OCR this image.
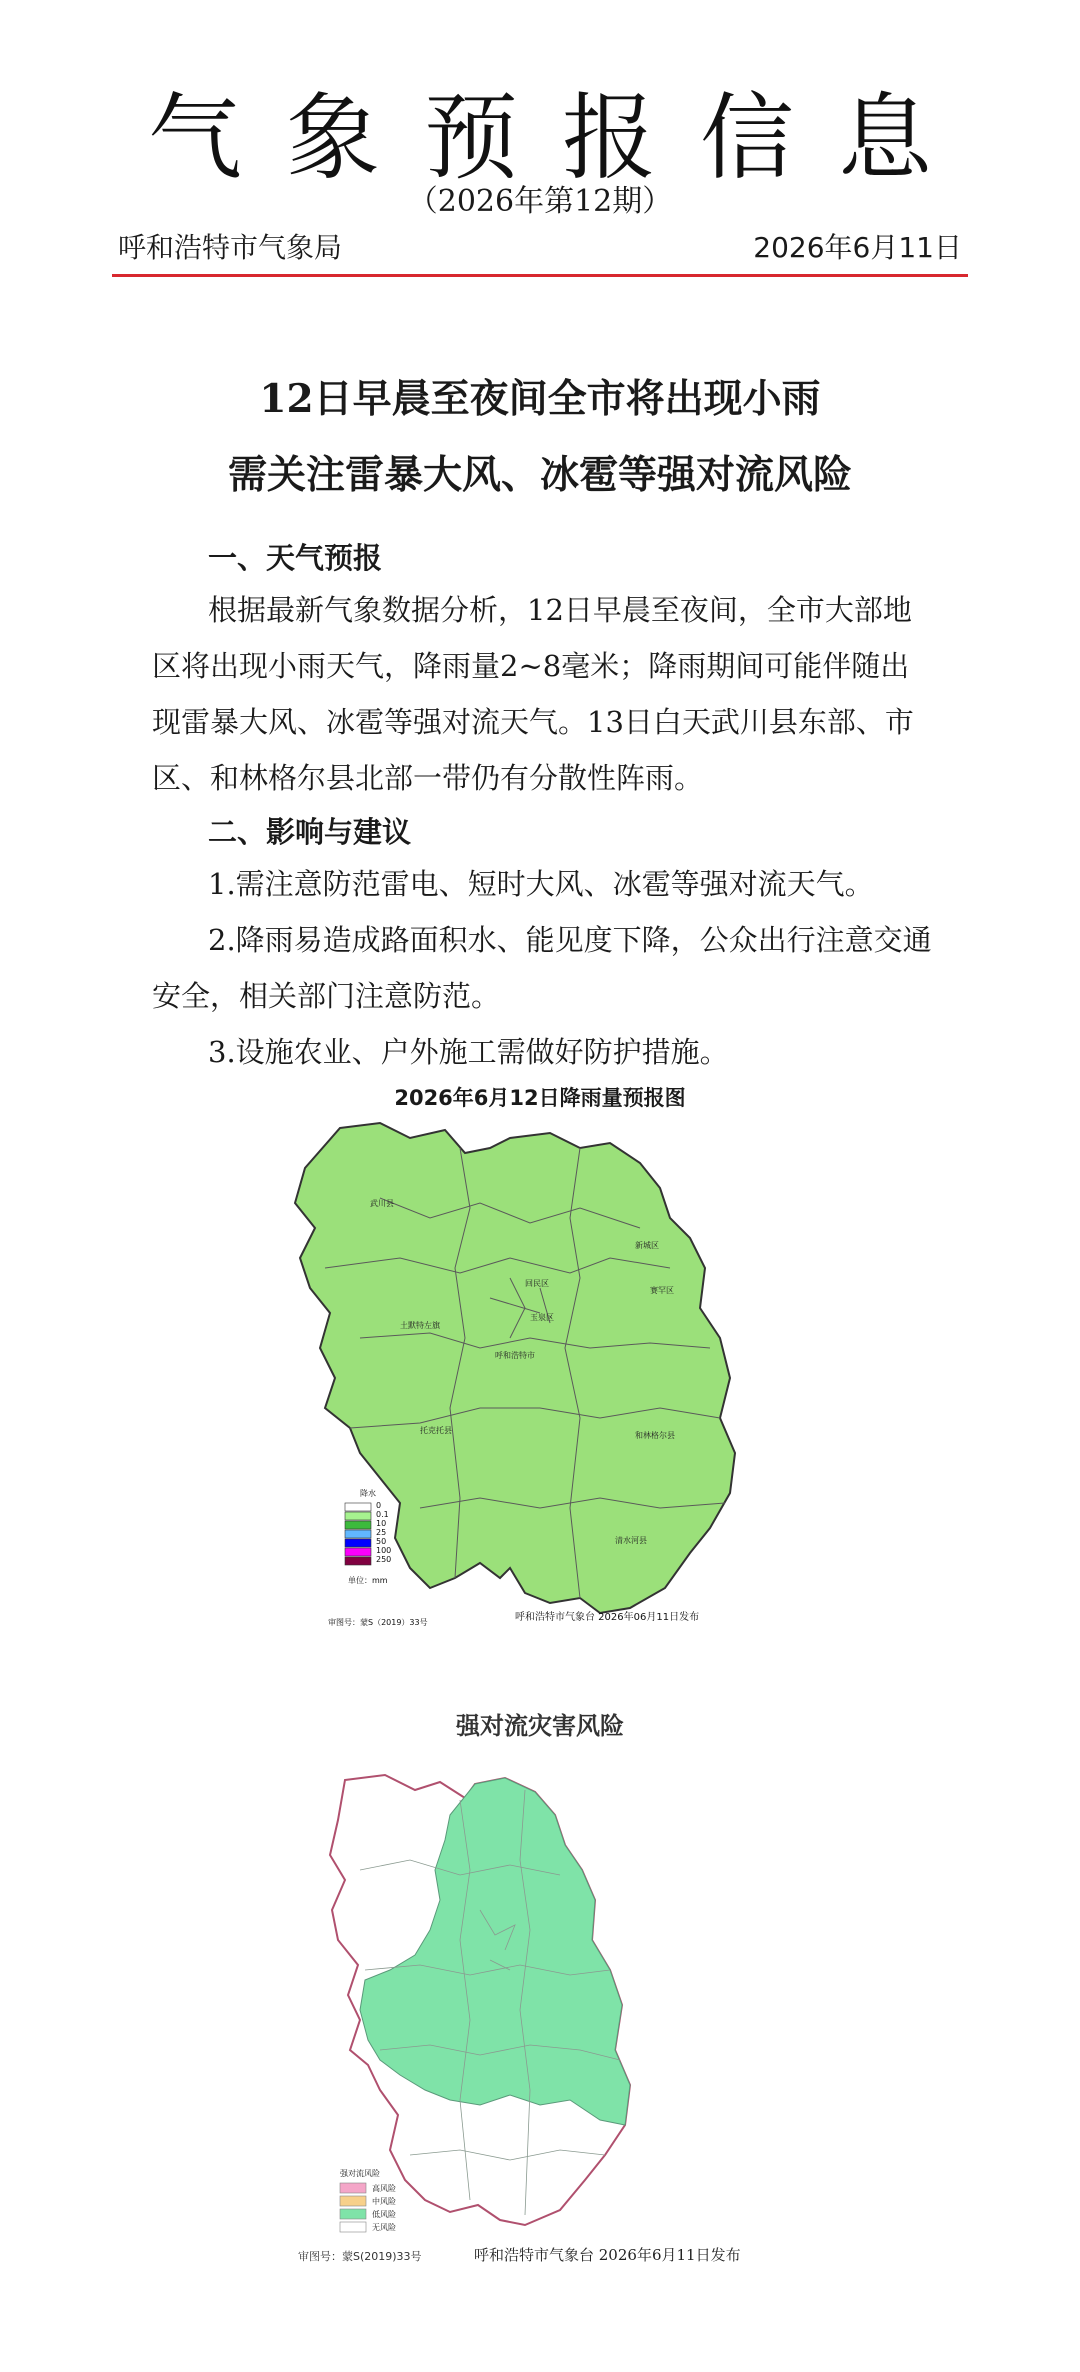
气象预报信息
（2026年第12期）
呼和浩特市气象局	2026年6月11日
12日早晨至夜间全市将出现小雨
需关注雷暴大风、冰雹等强对流风险
一、天气预报
根据最新气象数据分析，12日早晨至夜间，全市大部地
区将出现小雨天气，降雨量2~8毫米；降雨期间可能伴随出
现雷暴大风、冰雹等强对流天气。13日白天武川县东部、市
区、和林格尔县北部一带仍有分散性阵雨。
二、影响与建议
1.需注意防范雷电、短时大风、冰雹等强对流天气。
2.降雨易造成路面积水、能见度下降，公众出行注意交通
安全，相关部门注意防范。
3.设施农业、户外施工需做好防护措施。
2026年6月12日降雨量预报图
武川县
新城区
回民区
赛罕区
土默特左旗
玉泉区
呼和浩特市
托克托县
和林格尔县
清水河县
降水
0
0.1
10
25
50
100
250
单位：mm
审图号：蒙S（2019）33号	呼和浩特市气象台 2026年06月11日发布
强对流灾害风险
强对流风险
高风险
中风险
低风险
无风险
审图号：蒙S(2019)33号	呼和浩特市气象台 2026年6月11日发布
